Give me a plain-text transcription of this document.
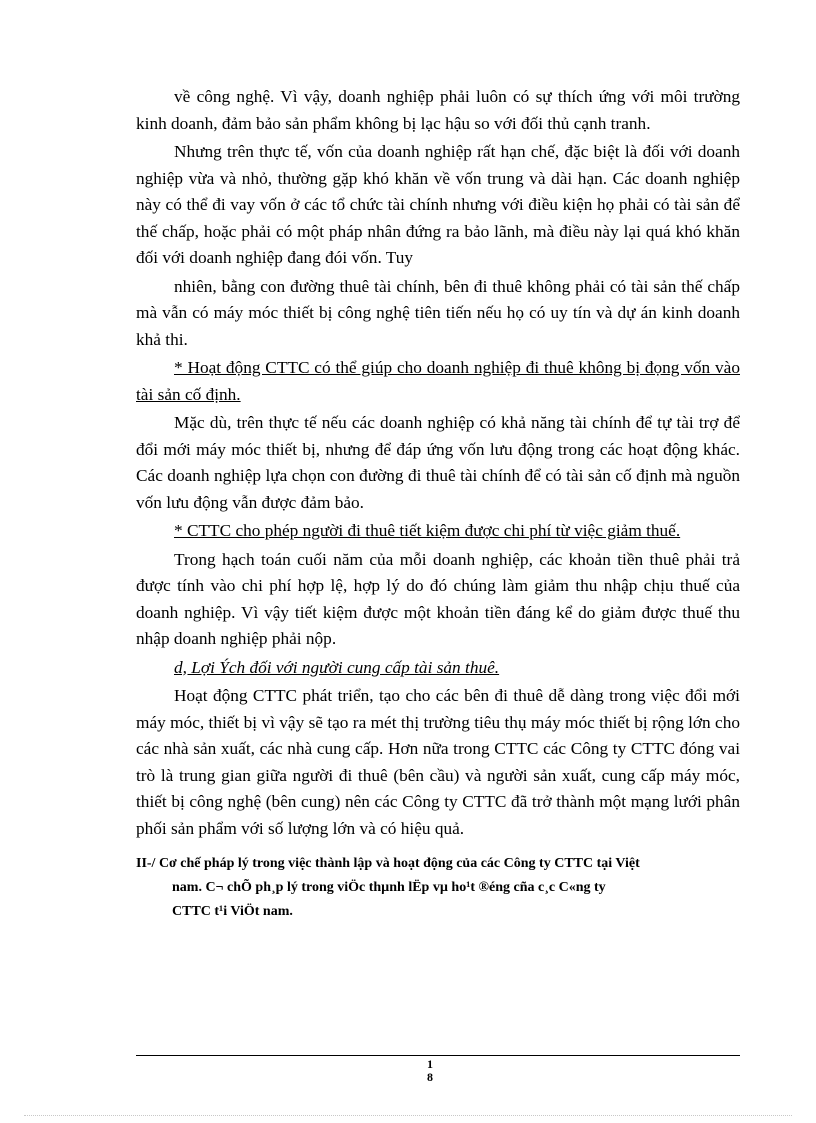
về công nghệ. Vì vậy, doanh nghiệp phải luôn có sự thích ứng với môi trường kinh doanh, đảm bảo sản phẩm không bị lạc hậu so với đối thủ cạnh tranh.

Nhưng trên thực tế, vốn của doanh nghiệp rất hạn chế, đặc biệt là đối với doanh nghiệp vừa và nhỏ, thường gặp khó khăn về vốn trung và dài hạn. Các doanh nghiệp này có thể đi vay vốn ở các tổ chức tài chính nhưng với điều kiện họ phải có tài sản để thế chấp, hoặc phải có một pháp nhân đứng ra bảo lãnh, mà điều này lại quá khó khăn đối với doanh nghiệp đang đói vốn. Tuy

nhiên, bằng con đường thuê tài chính, bên đi thuê không phải có tài sản thế chấp mà vẫn có máy móc thiết bị công nghệ tiên tiến nếu họ có uy tín và dự án kinh doanh khả thi.

* Hoạt động CTTC có thể giúp cho doanh nghiệp đi thuê không bị đọng vốn vào tài sản cố định.

Mặc dù, trên thực tế nếu các doanh nghiệp có khả năng tài chính để tự tài trợ để đổi mới máy móc thiết bị, nhưng để đáp ứng vốn lưu động trong các hoạt động khác. Các doanh nghiệp lựa chọn con đường đi thuê tài chính để có tài sản cố định mà nguồn vốn lưu động vẫn được đảm bảo.

* CTTC cho phép người đi thuê tiết kiệm được chi phí từ việc giảm thuế.

Trong hạch toán cuối năm của mỗi doanh nghiệp, các khoản tiền thuê phải trả được tính vào chi phí hợp lệ, hợp lý do đó chúng làm giảm thu nhập chịu thuế của doanh nghiệp. Vì vậy tiết kiệm được một khoản tiền đáng kể do giảm được thuế thu nhập doanh nghiệp phải nộp.

d, Lợi Ých đối với người cung cấp tài sản thuê.

Hoạt động CTTC phát triển, tạo cho các bên đi thuê dễ dàng trong việc đổi mới máy móc, thiết bị vì vậy sẽ tạo ra mét thị trường tiêu thụ máy móc thiết bị rộng lớn cho các nhà sản xuất, các nhà cung cấp. Hơn nữa trong CTTC các Công ty CTTC đóng vai trò là trung gian giữa người đi thuê (bên cầu) và người sản xuất, cung cấp máy móc, thiết bị công nghệ (bên cung) nên các Công ty CTTC đã trở thành một mạng lưới phân phối sản phẩm với số lượng lớn và có hiệu quả.

II-/ Cơ chế pháp lý trong việc thành lập và hoạt động của các Công ty CTTC tại Việt
nam. C¬ chÕ ph¸p lý trong viÖc thµnh lËp vµ ho¹t ®éng cña c¸c C«ng ty
CTTC t¹i ViÖt nam.
1
8
